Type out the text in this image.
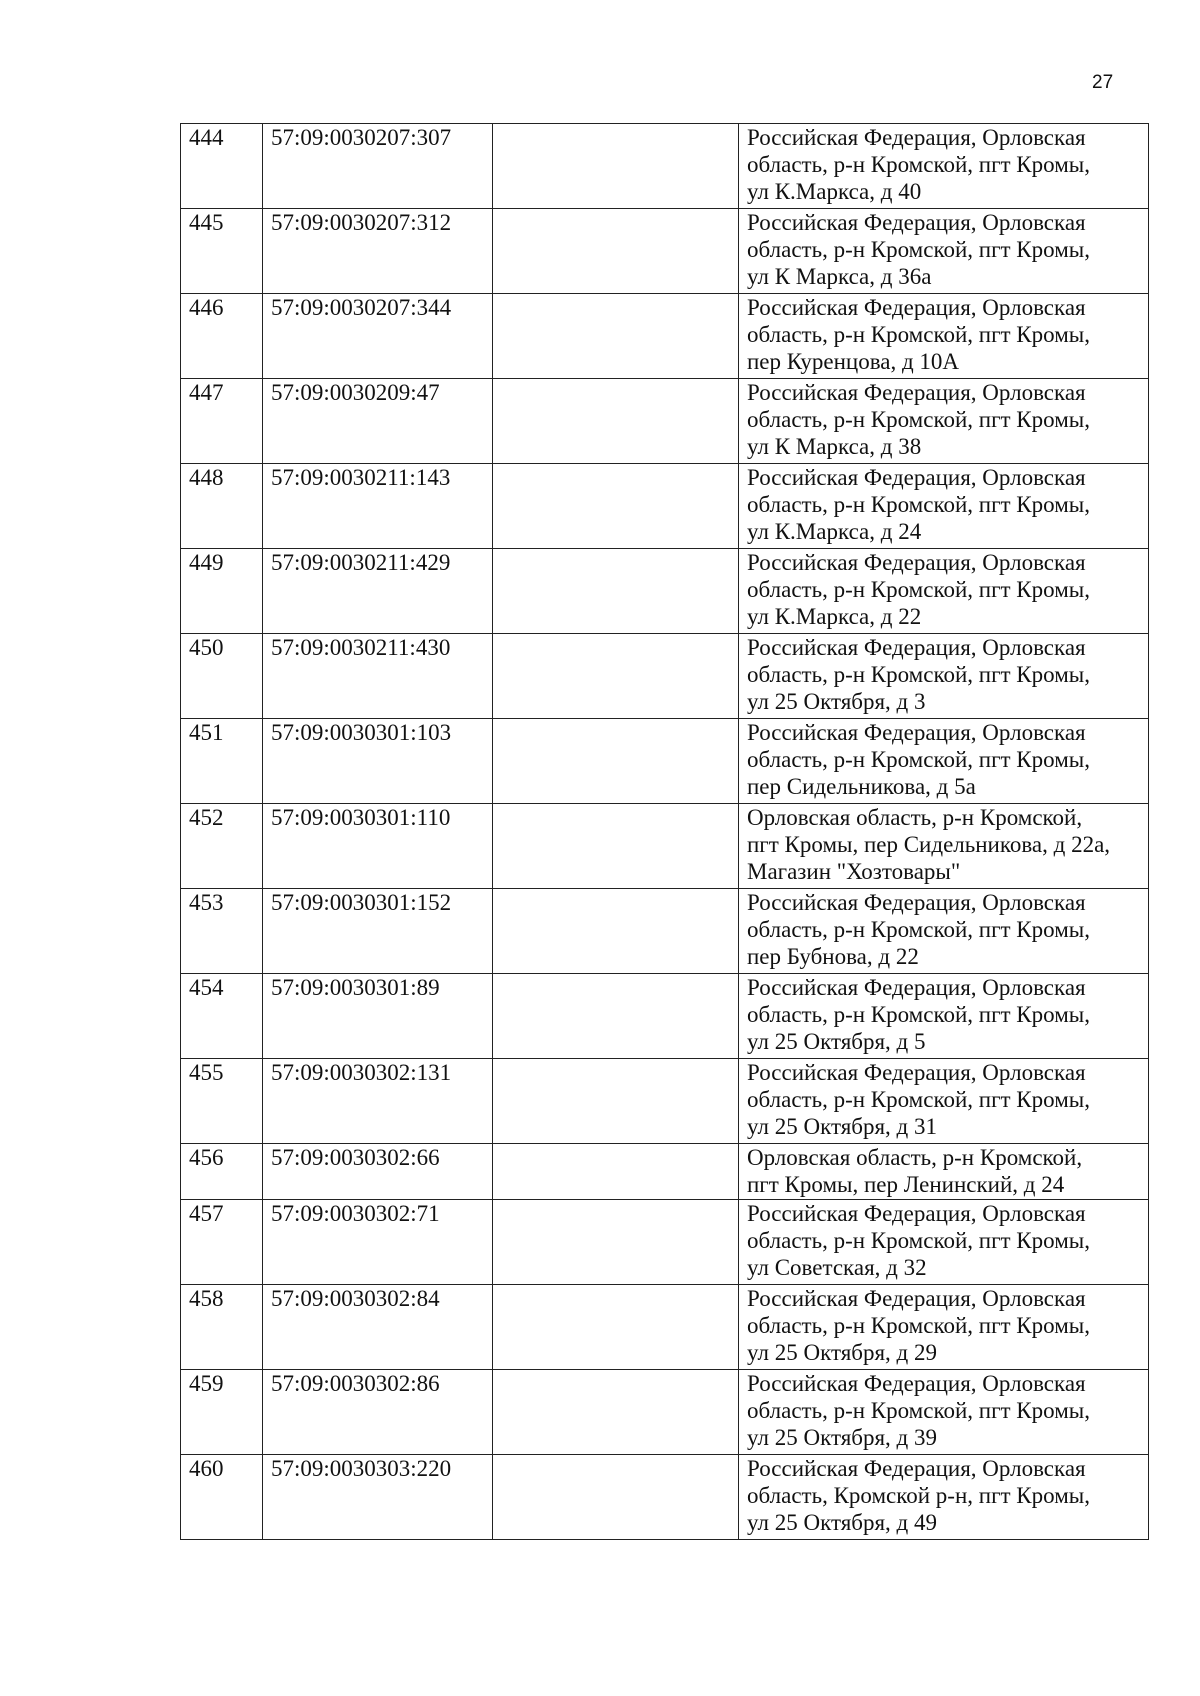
27
444	57:09:0030207:307		Российская Федерация, Орловская
область, р-н Кромской, пгт Кромы,
ул К.Маркса, д 40
445	57:09:0030207:312		Российская Федерация, Орловская
область, р-н Кромской, пгт Кромы,
ул К Маркса, д 36а
446	57:09:0030207:344		Российская Федерация, Орловская
область, р-н Кромской, пгт Кромы,
пер Куренцова, д 10А
447	57:09:0030209:47		Российская Федерация, Орловская
область, р-н Кромской, пгт Кромы,
ул К Маркса, д 38
448	57:09:0030211:143		Российская Федерация, Орловская
область, р-н Кромской, пгт Кромы,
ул К.Маркса, д 24
449	57:09:0030211:429		Российская Федерация, Орловская
область, р-н Кромской, пгт Кромы,
ул К.Маркса, д 22
450	57:09:0030211:430		Российская Федерация, Орловская
область, р-н Кромской, пгт Кромы,
ул 25 Октября, д 3
451	57:09:0030301:103		Российская Федерация, Орловская
область, р-н Кромской, пгт Кромы,
пер Сидельникова, д 5а
452	57:09:0030301:110		Орловская область, р-н Кромской,
пгт Кромы, пер Сидельникова, д 22а,
Магазин "Хозтовары"
453	57:09:0030301:152		Российская Федерация, Орловская
область, р-н Кромской, пгт Кромы,
пер Бубнова, д 22
454	57:09:0030301:89		Российская Федерация, Орловская
область, р-н Кромской, пгт Кромы,
ул 25 Октября, д 5
455	57:09:0030302:131		Российская Федерация, Орловская
область, р-н Кромской, пгт Кромы,
ул 25 Октября, д 31
456	57:09:0030302:66		Орловская область, р-н Кромской,
пгт Кромы, пер Ленинский, д 24
457	57:09:0030302:71		Российская Федерация, Орловская
область, р-н Кромской, пгт Кромы,
ул Советская, д 32
458	57:09:0030302:84		Российская Федерация, Орловская
область, р-н Кромской, пгт Кромы,
ул 25 Октября, д 29
459	57:09:0030302:86		Российская Федерация, Орловская
область, р-н Кромской, пгт Кромы,
ул 25 Октября, д 39
460	57:09:0030303:220		Российская Федерация, Орловская
область, Кромской р-н, пгт Кромы,
ул 25 Октября, д 49
